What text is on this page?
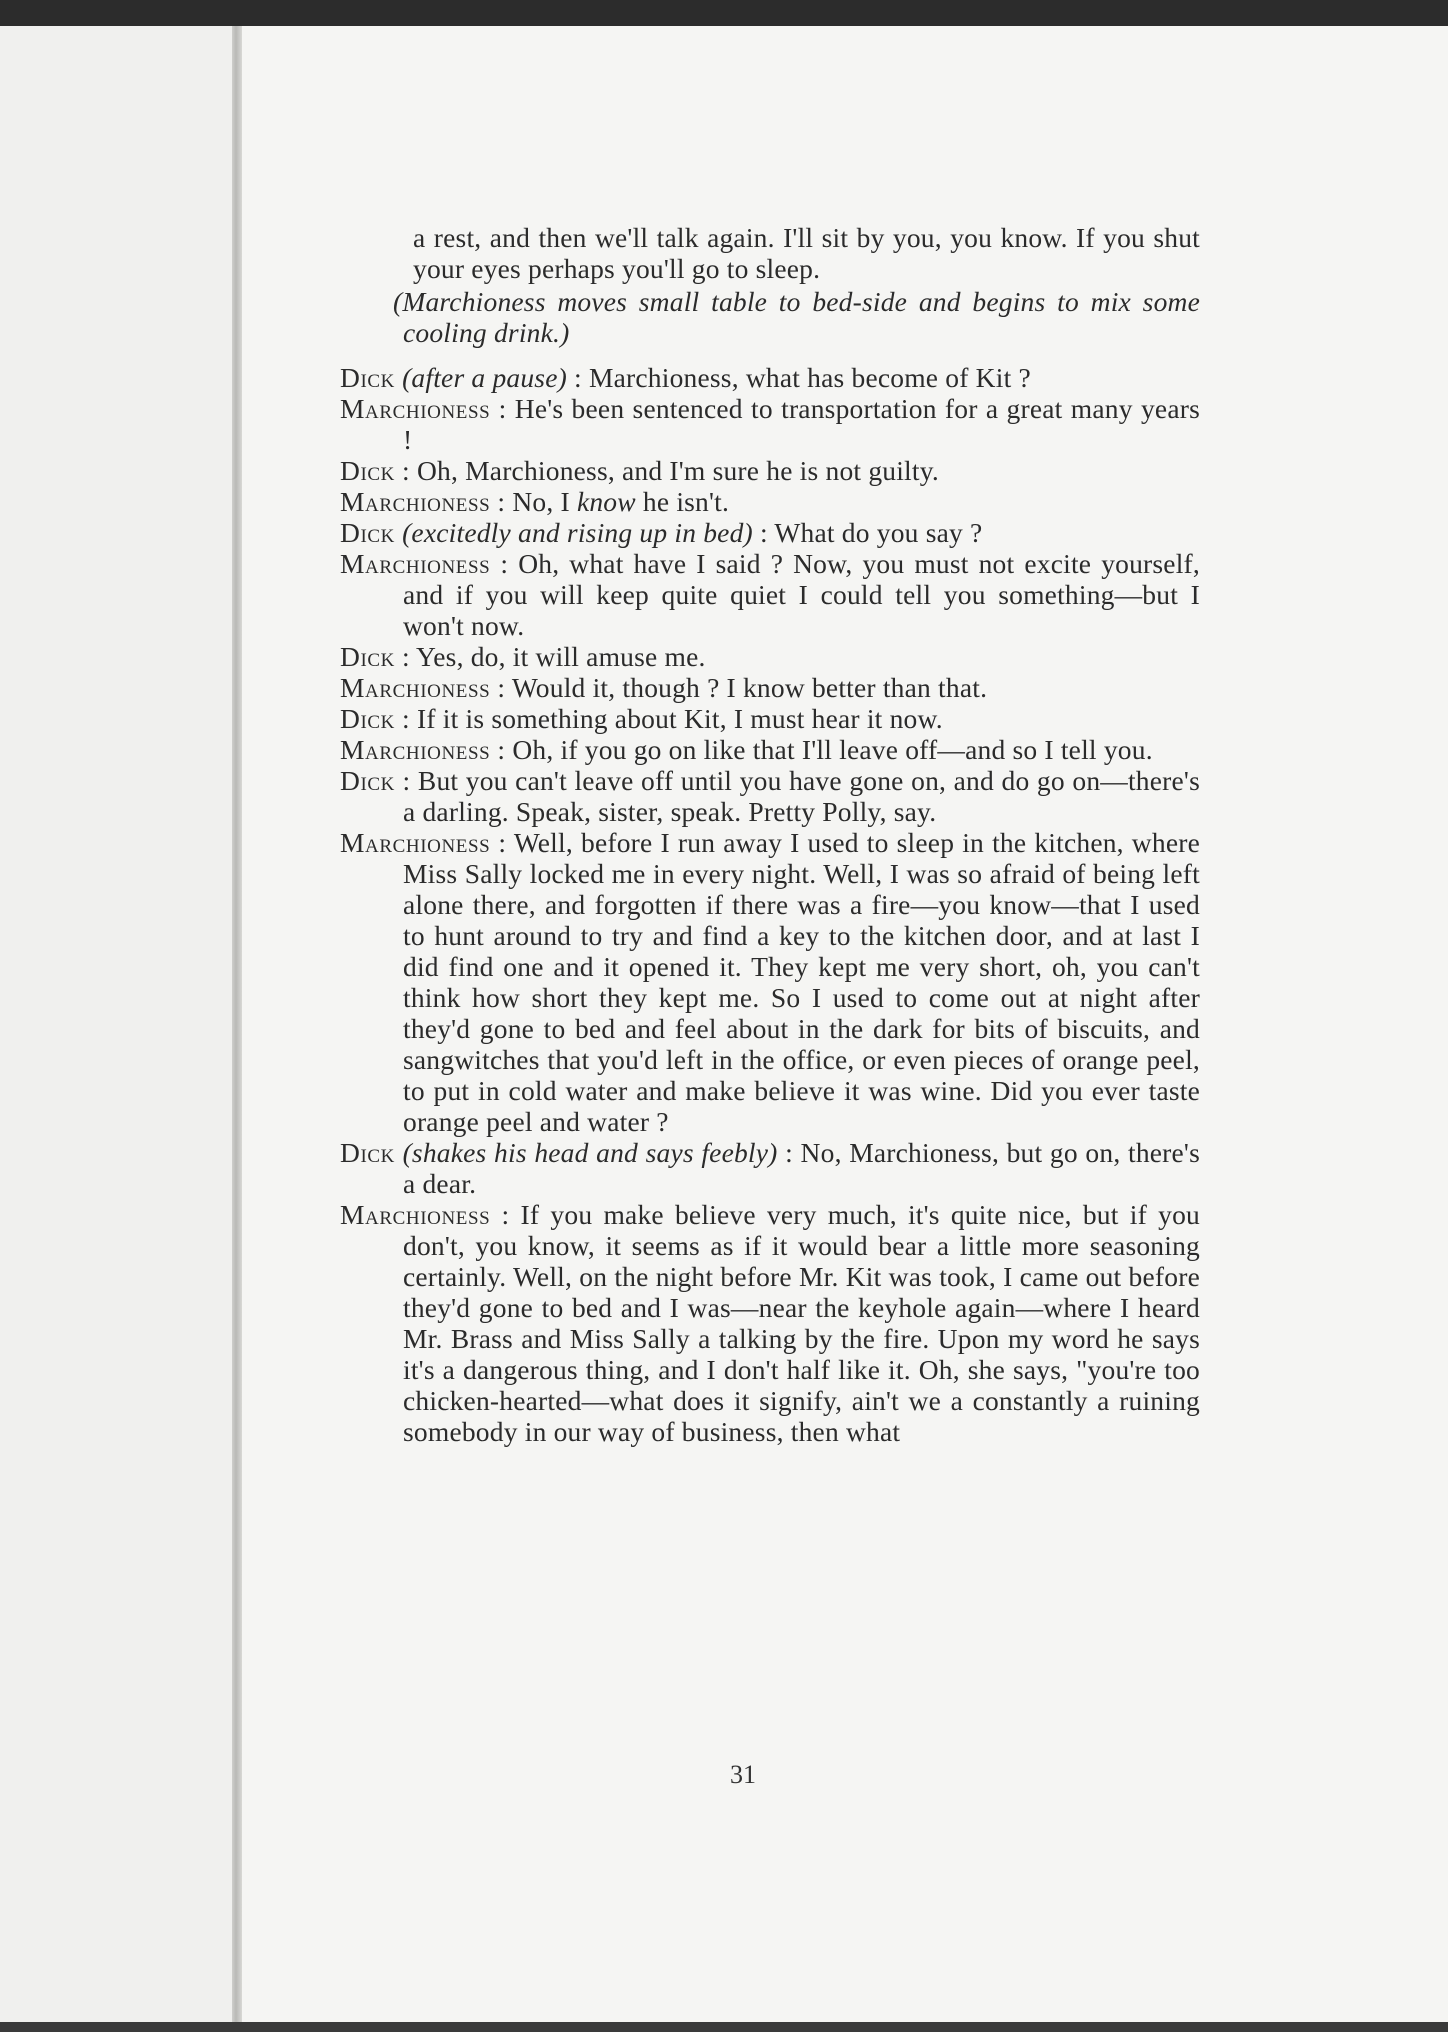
a rest, and then we'll talk again. I'll sit by you, you know. If you shut your eyes perhaps you'll go to sleep.

(Marchioness moves small table to bed-side and begins to mix some cooling drink.)

Dick (after a pause) : Marchioness, what has become of Kit ?

Marchioness : He's been sentenced to transportation for a great many years !

Dick : Oh, Marchioness, and I'm sure he is not guilty.

Marchioness : No, I know he isn't.

Dick (excitedly and rising up in bed) : What do you say ?

Marchioness : Oh, what have I said ? Now, you must not excite yourself, and if you will keep quite quiet I could tell you something—but I won't now.

Dick : Yes, do, it will amuse me.

Marchioness : Would it, though ? I know better than that.

Dick : If it is something about Kit, I must hear it now.

Marchioness : Oh, if you go on like that I'll leave off—and so I tell you.

Dick : But you can't leave off until you have gone on, and do go on—there's a darling. Speak, sister, speak. Pretty Polly, say.

Marchioness : Well, before I run away I used to sleep in the kitchen, where Miss Sally locked me in every night. Well, I was so afraid of being left alone there, and forgotten if there was a fire—you know—that I used to hunt around to try and find a key to the kitchen door, and at last I did find one and it opened it. They kept me very short, oh, you can't think how short they kept me. So I used to come out at night after they'd gone to bed and feel about in the dark for bits of biscuits, and sangwitches that you'd left in the office, or even pieces of orange peel, to put in cold water and make believe it was wine. Did you ever taste orange peel and water ?

Dick (shakes his head and says feebly) : No, Marchioness, but go on, there's a dear.

Marchioness : If you make believe very much, it's quite nice, but if you don't, you know, it seems as if it would bear a little more seasoning certainly. Well, on the night before Mr. Kit was took, I came out before they'd gone to bed and I was—near the keyhole again—where I heard Mr. Brass and Miss Sally a talking by the fire. Upon my word he says it's a dangerous thing, and I don't half like it. Oh, she says, "you're too chicken-hearted—what does it signify, ain't we a constantly a ruining somebody in our way of business, then what

31
